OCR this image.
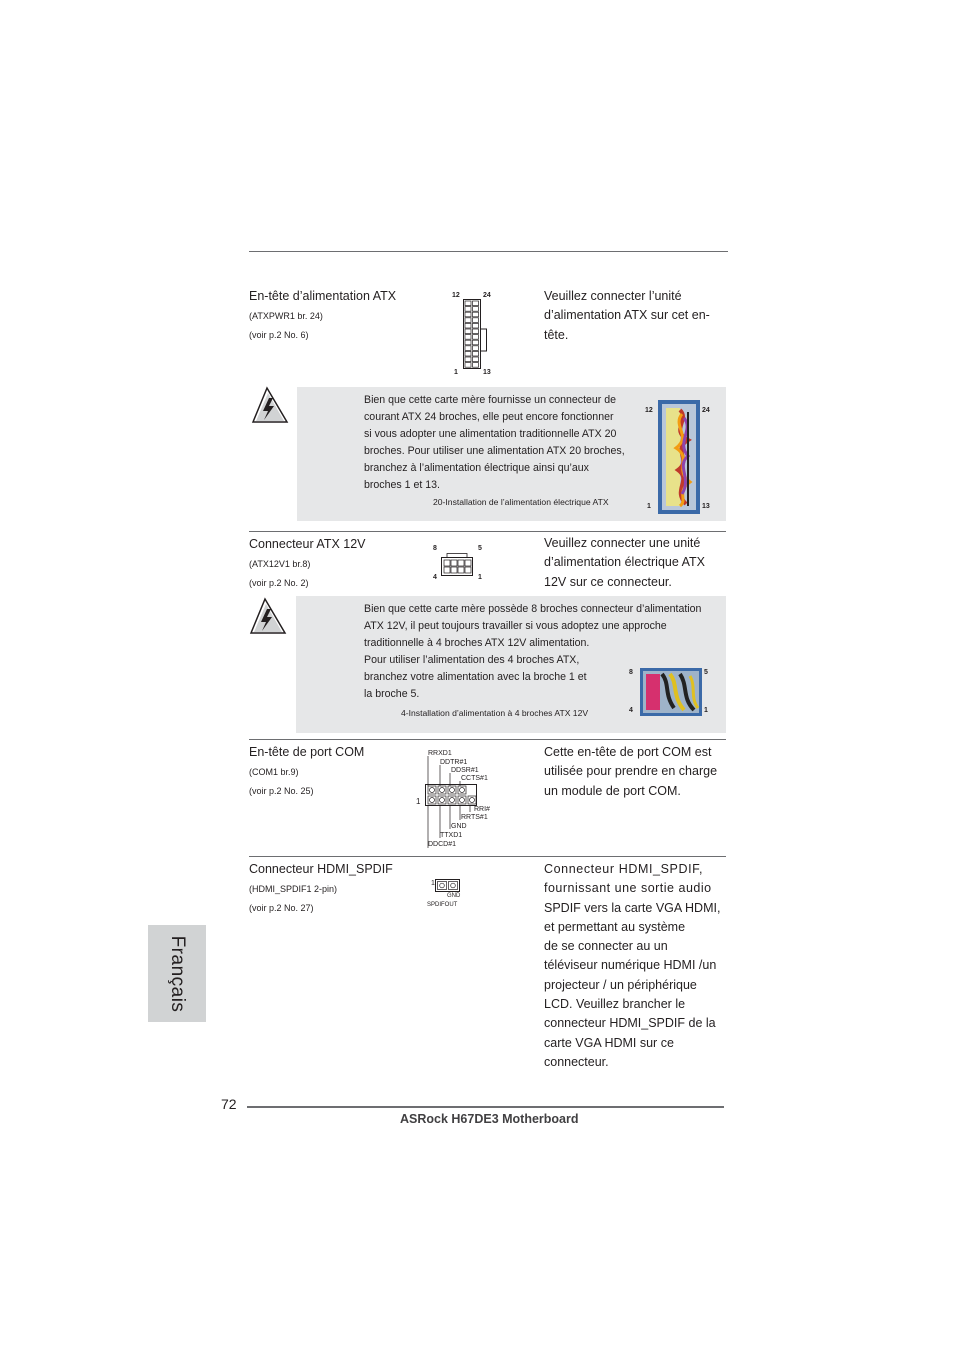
En-tête d’alimentation ATX
(ATXPWR1 br. 24)
(voir p.2 No. 6)
12	24
1	13
Veuillez connecter l’unité
d’alimentation ATX sur cet en-
tête.
Bien que cette carte mère fournisse un connecteur de
courant ATX 24 broches, elle peut encore fonctionner
si vous adopter une alimentation traditionnelle ATX 20
broches. Pour utiliser une alimentation ATX 20 broches,
branchez à l’alimentation électrique ainsi qu’aux
broches 1 et 13.
20-Installation de l’alimentation électrique ATX
12	24
1	13
Connecteur ATX 12V
(ATX12V1 br.8)
(voir p.2 No. 2)
8	5
4	1
Veuillez connecter une unité
d’alimentation électrique ATX
12V sur ce connecteur.
Bien que cette carte mère possède 8 broches connecteur d’alimentation
ATX 12V, il peut toujours travailler si vous adoptez une approche
traditionnelle à 4 broches ATX 12V alimentation.
Pour utiliser l’alimentation des 4 broches ATX,
branchez votre alimentation avec la broche 1 et
la broche 5.
4-Installation d’alimentation à 4 broches ATX 12V
8	5
4	1
En-tête de port COM
(COM1 br.9)
(voir p.2 No. 25)
1
RRXD1
DDTR#1
DDSR#1
CCTS#1
RRI#
RRTS#1
GND
TTXD1
DDCD#1
Cette en-tête de port COM est
utilisée pour prendre en charge
un module de port COM.
Connecteur HDMI_SPDIF
(HDMI_SPDIF1 2-pin)
(voir p.2 No. 27)
1
GND
SPDIFOUT
Connecteur HDMI_SPDIF,
fournissant une sortie audio
SPDIF vers la carte VGA HDMI,
et permettant au système
de se connecter au un
téléviseur numérique HDMI /un
projecteur / un périphérique
LCD. Veuillez brancher le
connecteur HDMI_SPDIF de la
carte VGA HDMI sur ce
connecteur.
Français
72
ASRock H67DE3 Motherboard
